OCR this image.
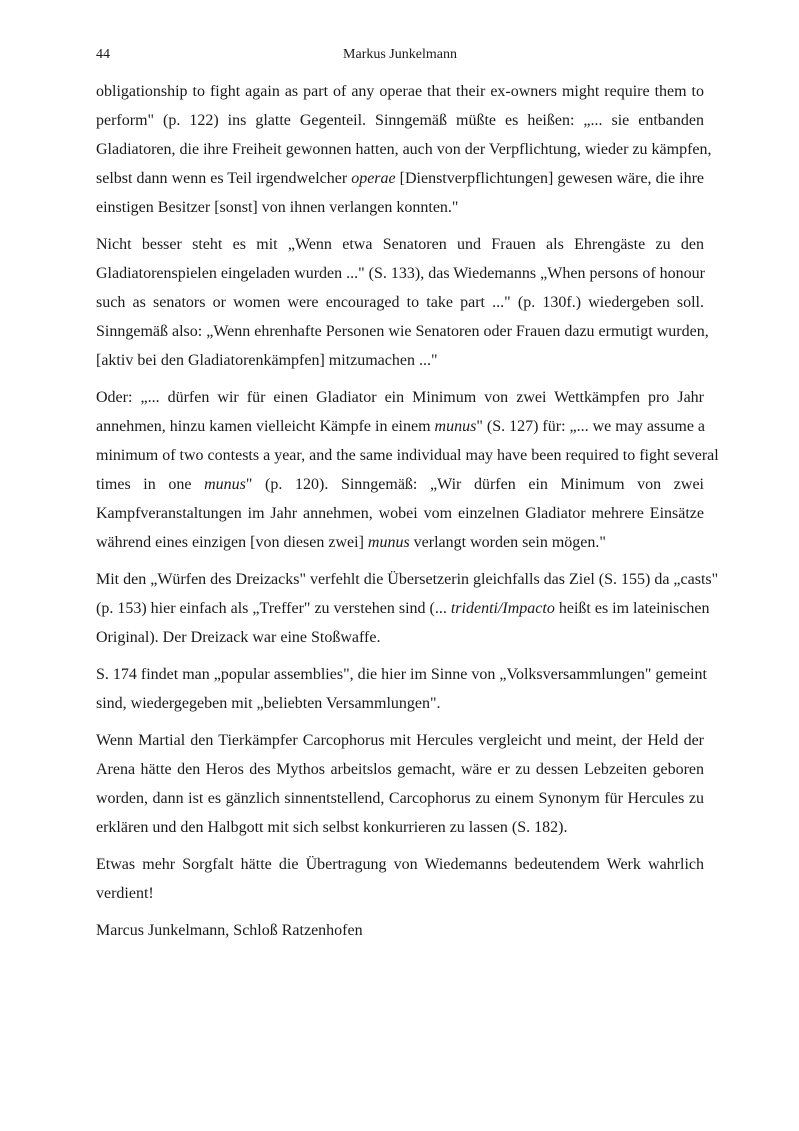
44	Markus Junkelmann
obligationship to fight again as part of any operae that their ex-owners might require them to
perform" (p. 122) ins glatte Gegenteil. Sinngemäß müßte es heißen: „... sie entbanden
Gladiatoren, die ihre Freiheit gewonnen hatten, auch von der Verpflichtung, wieder zu kämpfen,
selbst dann wenn es Teil irgendwelcher operae [Dienstverpflichtungen] gewesen wäre, die ihre
einstigen Besitzer [sonst] von ihnen verlangen konnten."
Nicht besser steht es mit „Wenn etwa Senatoren und Frauen als Ehrengäste zu den
Gladiatorenspielen eingeladen wurden ..." (S. 133), das Wiedemanns „When persons of honour
such as senators or women were encouraged to take part ..." (p. 130f.) wiedergeben soll.
Sinngemäß also: „Wenn ehrenhafte Personen wie Senatoren oder Frauen dazu ermutigt wurden,
[aktiv bei den Gladiatorenkämpfen] mitzumachen ..."
Oder: „... dürfen wir für einen Gladiator ein Minimum von zwei Wettkämpfen pro Jahr
annehmen, hinzu kamen vielleicht Kämpfe in einem munus" (S. 127) für: „... we may assume a
minimum of two contests a year, and the same individual may have been required to fight several
times in one munus" (p. 120). Sinngemäß: „Wir dürfen ein Minimum von zwei
Kampfveranstaltungen im Jahr annehmen, wobei vom einzelnen Gladiator mehrere Einsätze
während eines einzigen [von diesen zwei] munus verlangt worden sein mögen."
Mit den „Würfen des Dreizacks" verfehlt die Übersetzerin gleichfalls das Ziel (S. 155) da „casts"
(p. 153) hier einfach als „Treffer" zu verstehen sind (... tridenti/Impacto heißt es im lateinischen
Original). Der Dreizack war eine Stoßwaffe.
S. 174 findet man „popular assemblies", die hier im Sinne von „Volksversammlungen" gemeint
sind, wiedergegeben mit „beliebten Versammlungen".
Wenn Martial den Tierkämpfer Carcophorus mit Hercules vergleicht und meint, der Held der
Arena hätte den Heros des Mythos arbeitslos gemacht, wäre er zu dessen Lebzeiten geboren
worden, dann ist es gänzlich sinnentstellend, Carcophorus zu einem Synonym für Hercules zu
erklären und den Halbgott mit sich selbst konkurrieren zu lassen (S. 182).
Etwas mehr Sorgfalt hätte die Übertragung von Wiedemanns bedeutendem Werk wahrlich
verdient!
Marcus Junkelmann, Schloß Ratzenhofen
